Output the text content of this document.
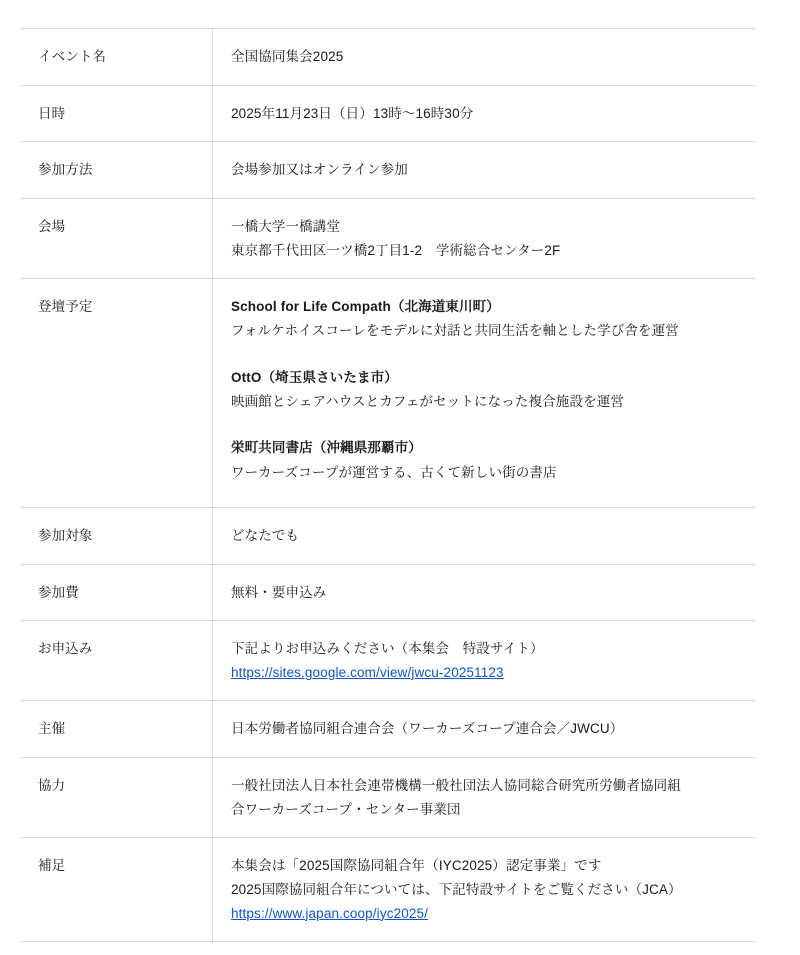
イベント名	全国協同集会2025

日時	2025年11月23日（日）13時〜16時30分

参加方法	会場参加又はオンライン参加

会場	一橋大学一橋講堂
東京都千代田区一ツ橋2丁目1-2　学術総合センター2F

登壇予定	School for Life Compath（北海道東川町）
フォルケホイスコーレをモデルに対話と共同生活を軸とした学び舎を運営
OttO（埼玉県さいたま市）
映画館とシェアハウスとカフェがセットになった複合施設を運営
栄町共同書店（沖縄県那覇市）
ワーカーズコープが運営する、古くて新しい街の書店

参加対象	どなたでも

参加費	無料・要申込み

お申込み	下記よりお申込みください（本集会　特設サイト）
https://sites.google.com/view/jwcu-20251123
主催	日本労働者協同組合連合会（ワーカーズコープ連合会／JWCU）

協力	一般社団法人日本社会連帯機構一般社団法人協同総合研究所労働者協同組
合ワーカーズコープ・センター事業団

補足	本集会は「2025国際協同組合年（IYC2025）認定事業」です
2025国際協同組合年については、下記特設サイトをご覧ください（JCA）
https://www.japan.coop/iyc2025/
